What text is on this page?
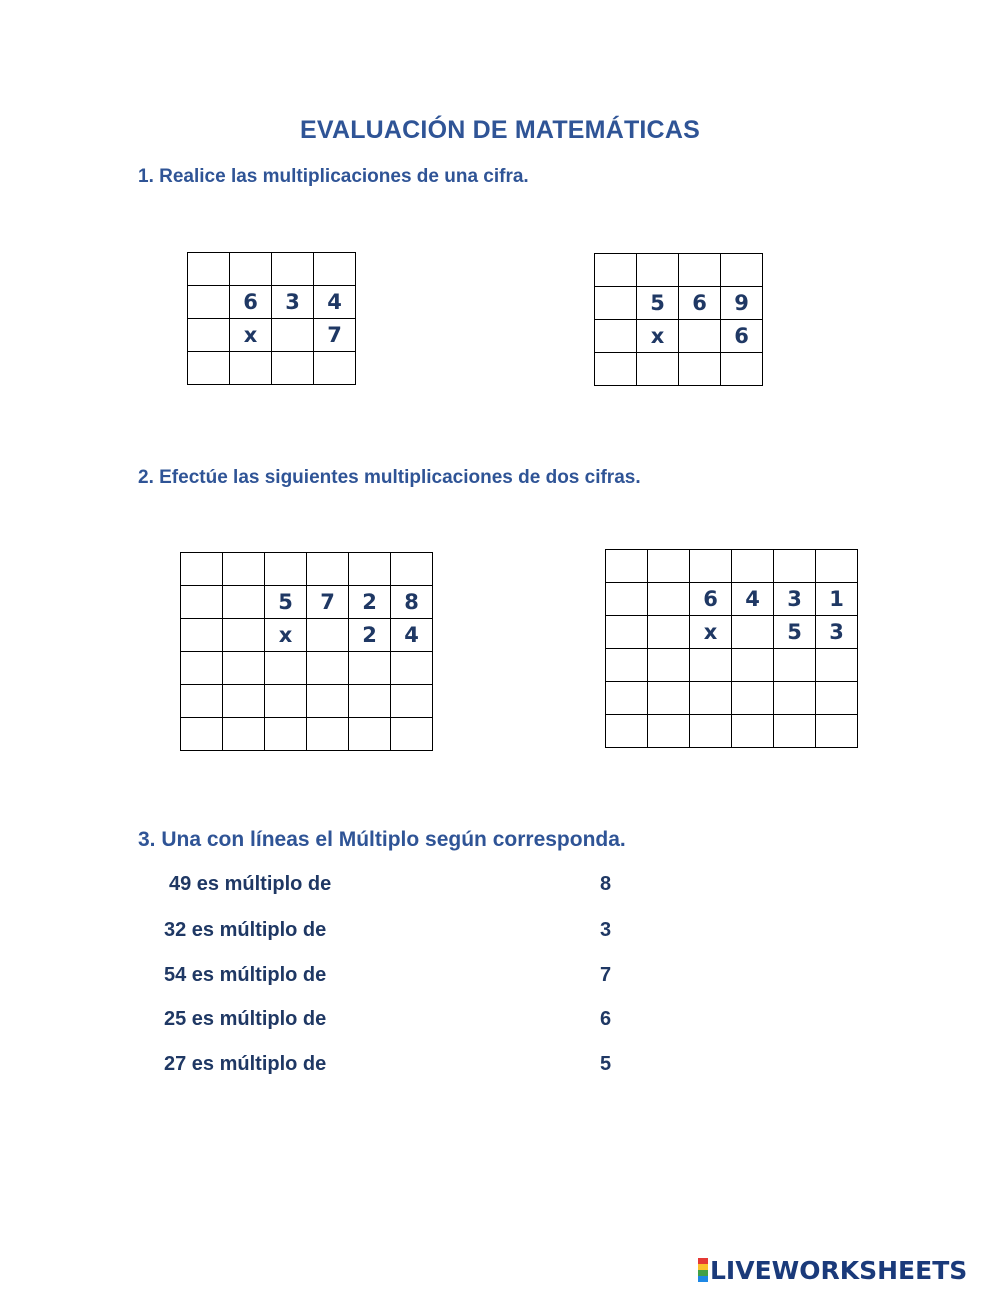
EVALUACIÓN DE MATEMÁTICAS
1. Realice las multiplicaciones de una cifra.

	6	3	4
	x		7

	5	6	9
	x		6

2. Efectúe las siguientes multiplicaciones de dos cifras.

		5	7	2	8
		x		2	4

		6	4	3	1
		x		5	3

3. Una con líneas el Múltiplo según corresponda.
49 es múltiplo de	8
32 es múltiplo de	3
54 es múltiplo de	7
25 es múltiplo de	6
27 es múltiplo de	5
LIVEWORKSHEETS
